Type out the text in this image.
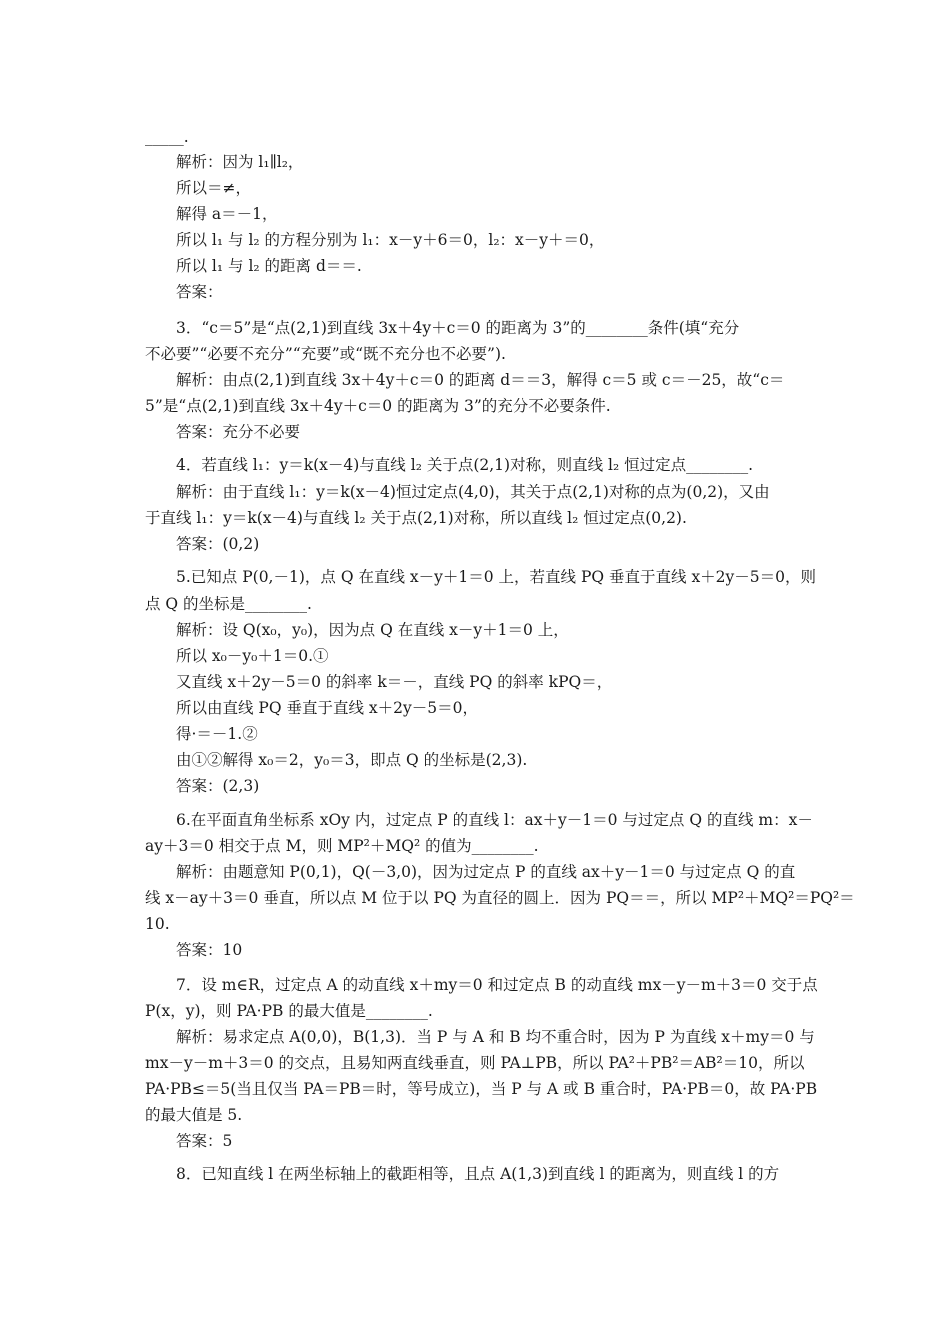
_____.
解析：因为 l₁∥l₂，
所以＝≠，
解得 a＝－1，
所以 l₁ 与 l₂ 的方程分别为 l₁：x－y＋6＝0，l₂：x－y＋＝0，
所以 l₁ 与 l₂ 的距离 d＝＝.
答案：
3．“c＝5”是“点(2,1)到直线 3x＋4y＋c＝0 的距离为 3”的________条件(填“充分
不必要”“必要不充分”“充要”或“既不充分也不必要”).
解析：由点(2,1)到直线 3x＋4y＋c＝0 的距离 d＝＝3，解得 c＝5 或 c＝－25，故“c＝
5”是“点(2,1)到直线 3x＋4y＋c＝0 的距离为 3”的充分不必要条件.
答案：充分不必要
4．若直线 l₁：y＝k(x－4)与直线 l₂ 关于点(2,1)对称，则直线 l₂ 恒过定点________.
解析：由于直线 l₁：y＝k(x－4)恒过定点(4,0)，其关于点(2,1)对称的点为(0,2)，又由
于直线 l₁：y＝k(x－4)与直线 l₂ 关于点(2,1)对称，所以直线 l₂ 恒过定点(0,2).
答案：(0,2)
5.已知点 P(0,－1)，点 Q 在直线 x－y＋1＝0 上，若直线 PQ 垂直于直线 x＋2y－5＝0，则
点 Q 的坐标是________.
解析：设 Q(x₀，y₀)，因为点 Q 在直线 x－y＋1＝0 上，
所以 x₀－y₀＋1＝0.①
又直线 x＋2y－5＝0 的斜率 k＝－，直线 PQ 的斜率 kPQ＝，
所以由直线 PQ 垂直于直线 x＋2y－5＝0，
得·＝－1.②
由①②解得 x₀＝2，y₀＝3，即点 Q 的坐标是(2,3).
答案：(2,3)
6.在平面直角坐标系 xOy 内，过定点 P 的直线 l：ax＋y－1＝0 与过定点 Q 的直线 m：x－
ay＋3＝0 相交于点 M，则 MP²＋MQ² 的值为________.
解析：由题意知 P(0,1)，Q(－3,0)，因为过定点 P 的直线 ax＋y－1＝0 与过定点 Q 的直
线 x－ay＋3＝0 垂直，所以点 M 位于以 PQ 为直径的圆上．因为 PQ＝＝，所以 MP²＋MQ²＝PQ²＝
10.
答案：10
7．设 m∈R，过定点 A 的动直线 x＋my＝0 和过定点 B 的动直线 mx－y－m＋3＝0 交于点
P(x，y)，则 PA·PB 的最大值是________.
解析：易求定点 A(0,0)，B(1,3)．当 P 与 A 和 B 均不重合时，因为 P 为直线 x＋my＝0 与
mx－y－m＋3＝0 的交点，且易知两直线垂直，则 PA⊥PB，所以 PA²＋PB²＝AB²＝10，所以
PA·PB≤＝5(当且仅当 PA＝PB＝时，等号成立)，当 P 与 A 或 B 重合时，PA·PB＝0，故 PA·PB
的最大值是 5.
答案：5
8．已知直线 l 在两坐标轴上的截距相等，且点 A(1,3)到直线 l 的距离为，则直线 l 的方
